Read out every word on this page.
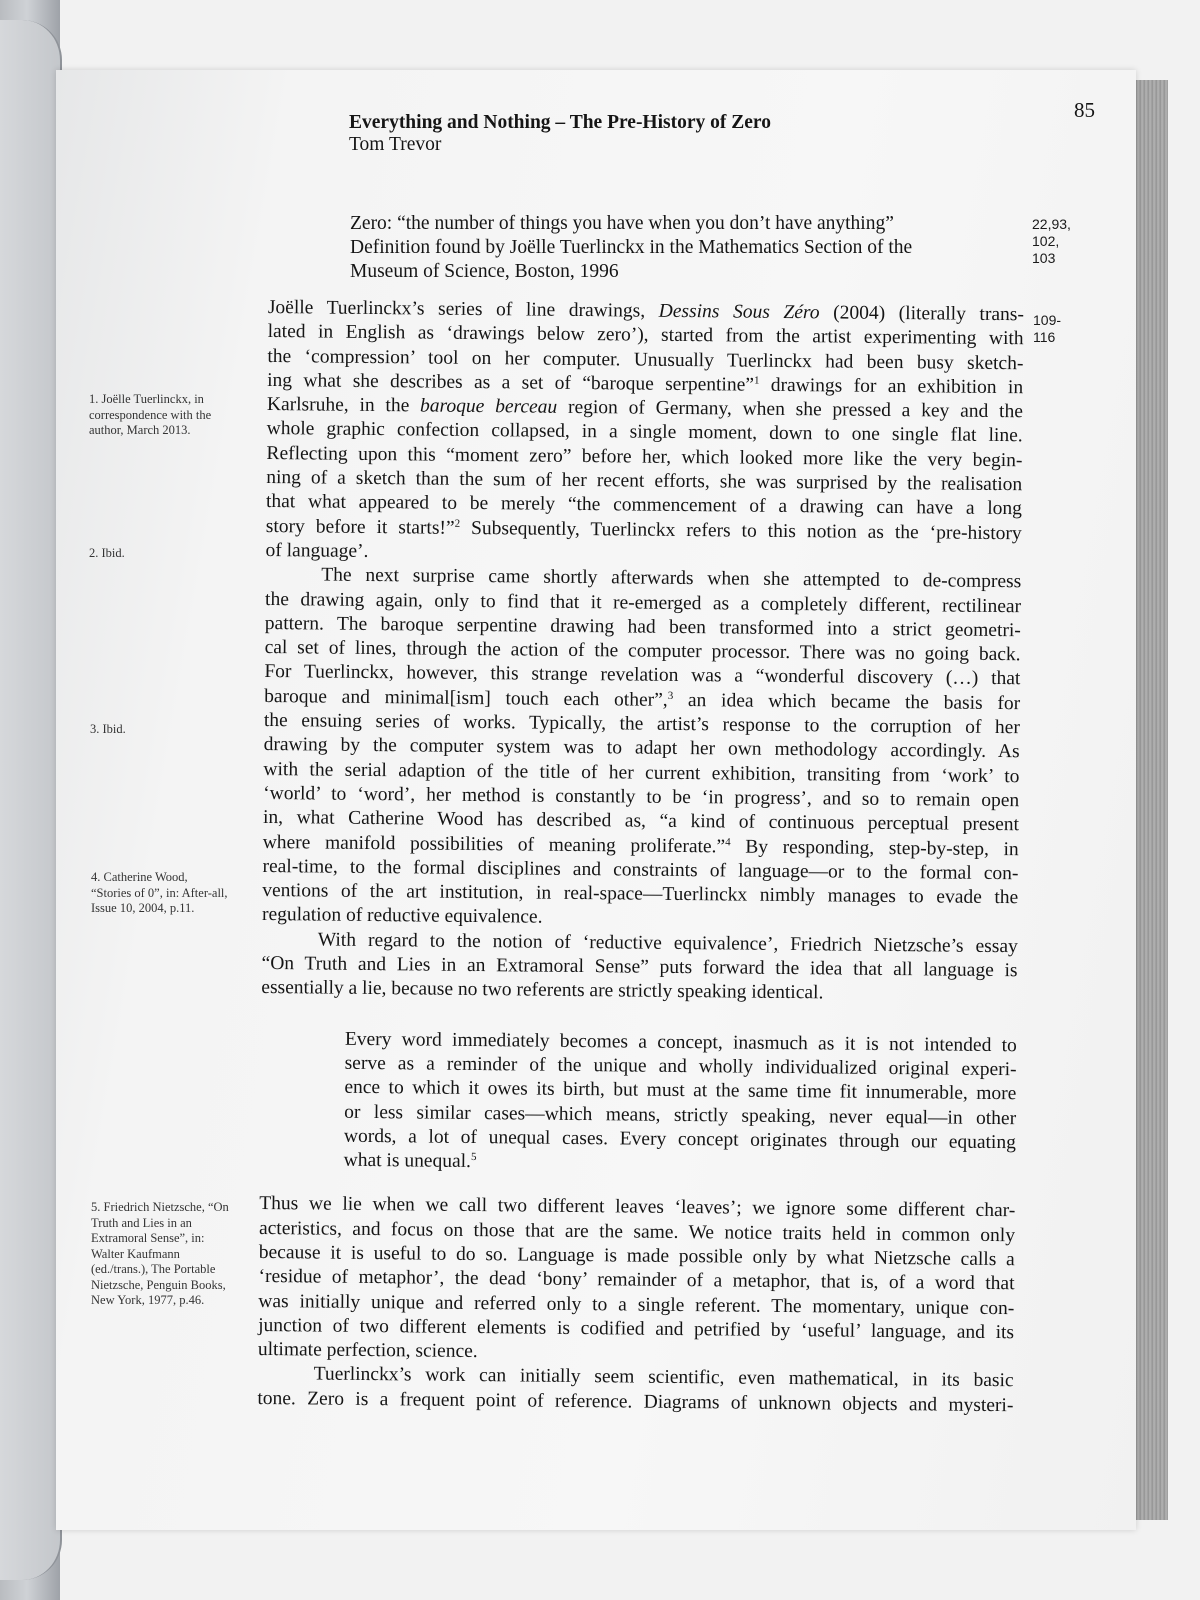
85
Everything and Nothing – The Pre-History of Zero
Tom Trevor
Zero: “the number of things you have when you don’t have anything”
Definition found by Joëlle Tuerlinckx in the Mathematics Section of the
Museum of Science, Boston, 1996
22,93,
102,
103
109-
116
1. Joëlle Tuerlinckx, in correspondence with the author, March 2013.
2. Ibid.
3. Ibid.
4. Catherine Wood, “Stories of 0”, in: After-all, Issue 10, 2004, p.11.
5. Friedrich Nietzsche, “On Truth and Lies in an Extramoral Sense”, in: Walter Kaufmann (ed./trans.), The Portable Nietzsche, Penguin Books, New York, 1977, p.46.
Joëlle Tuerlinckx’s series of line drawings, Dessins Sous Zéro (2004) (literally trans-
lated in English as ‘drawings below zero’), started from the artist experimenting with
the ‘compression’ tool on her computer. Unusually Tuerlinckx had been busy sketch-
ing what she describes as a set of “baroque serpentine”$^1$ drawings for an exhibition in
Karlsruhe, in the baroque berceau region of Germany, when she pressed a key and the
whole graphic confection collapsed, in a single moment, down to one single flat line.
Reflecting upon this “moment zero” before her, which looked more like the very begin-
ning of a sketch than the sum of her recent efforts, she was surprised by the realisation
that what appeared to be merely “the commencement of a drawing can have a long
story before it starts!”$^2$ Subsequently, Tuerlinckx refers to this notion as the ‘pre-history
of language’.
The next surprise came shortly afterwards when she attempted to de-compress
the drawing again, only to find that it re-emerged as a completely different, rectilinear
pattern. The baroque serpentine drawing had been transformed into a strict geometri-
cal set of lines, through the action of the computer processor. There was no going back.
For Tuerlinckx, however, this strange revelation was a “wonderful discovery (…) that
baroque and minimal[ism] touch each other”,$^3$ an idea which became the basis for
the ensuing series of works. Typically, the artist’s response to the corruption of her
drawing by the computer system was to adapt her own methodology accordingly. As
with the serial adaption of the title of her current exhibition, transiting from ‘work’ to
‘world’ to ‘word’, her method is constantly to be ‘in progress’, and so to remain open
in, what Catherine Wood has described as, “a kind of continuous perceptual present
where manifold possibilities of meaning proliferate.”$^4$ By responding, step-by-step, in
real-time, to the formal disciplines and constraints of language—or to the formal con-
ventions of the art institution, in real-space—Tuerlinckx nimbly manages to evade the
regulation of reductive equivalence.
With regard to the notion of ‘reductive equivalence’, Friedrich Nietzsche’s essay
“On Truth and Lies in an Extramoral Sense” puts forward the idea that all language is
essentially a lie, because no two referents are strictly speaking identical.
Every word immediately becomes a concept, inasmuch as it is not intended to
serve as a reminder of the unique and wholly individualized original experi-
ence to which it owes its birth, but must at the same time fit innumerable, more
or less similar cases—which means, strictly speaking, never equal—in other
words, a lot of unequal cases. Every concept originates through our equating
what is unequal.$^5$
Thus we lie when we call two different leaves ‘leaves’; we ignore some different char-
acteristics, and focus on those that are the same. We notice traits held in common only
because it is useful to do so. Language is made possible only by what Nietzsche calls a
‘residue of metaphor’, the dead ‘bony’ remainder of a metaphor, that is, of a word that
was initially unique and referred only to a single referent. The momentary, unique con-
junction of two different elements is codified and petrified by ‘useful’ language, and its
ultimate perfection, science.
Tuerlinckx’s work can initially seem scientific, even mathematical, in its basic
tone. Zero is a frequent point of reference. Diagrams of unknown objects and mysteri-
